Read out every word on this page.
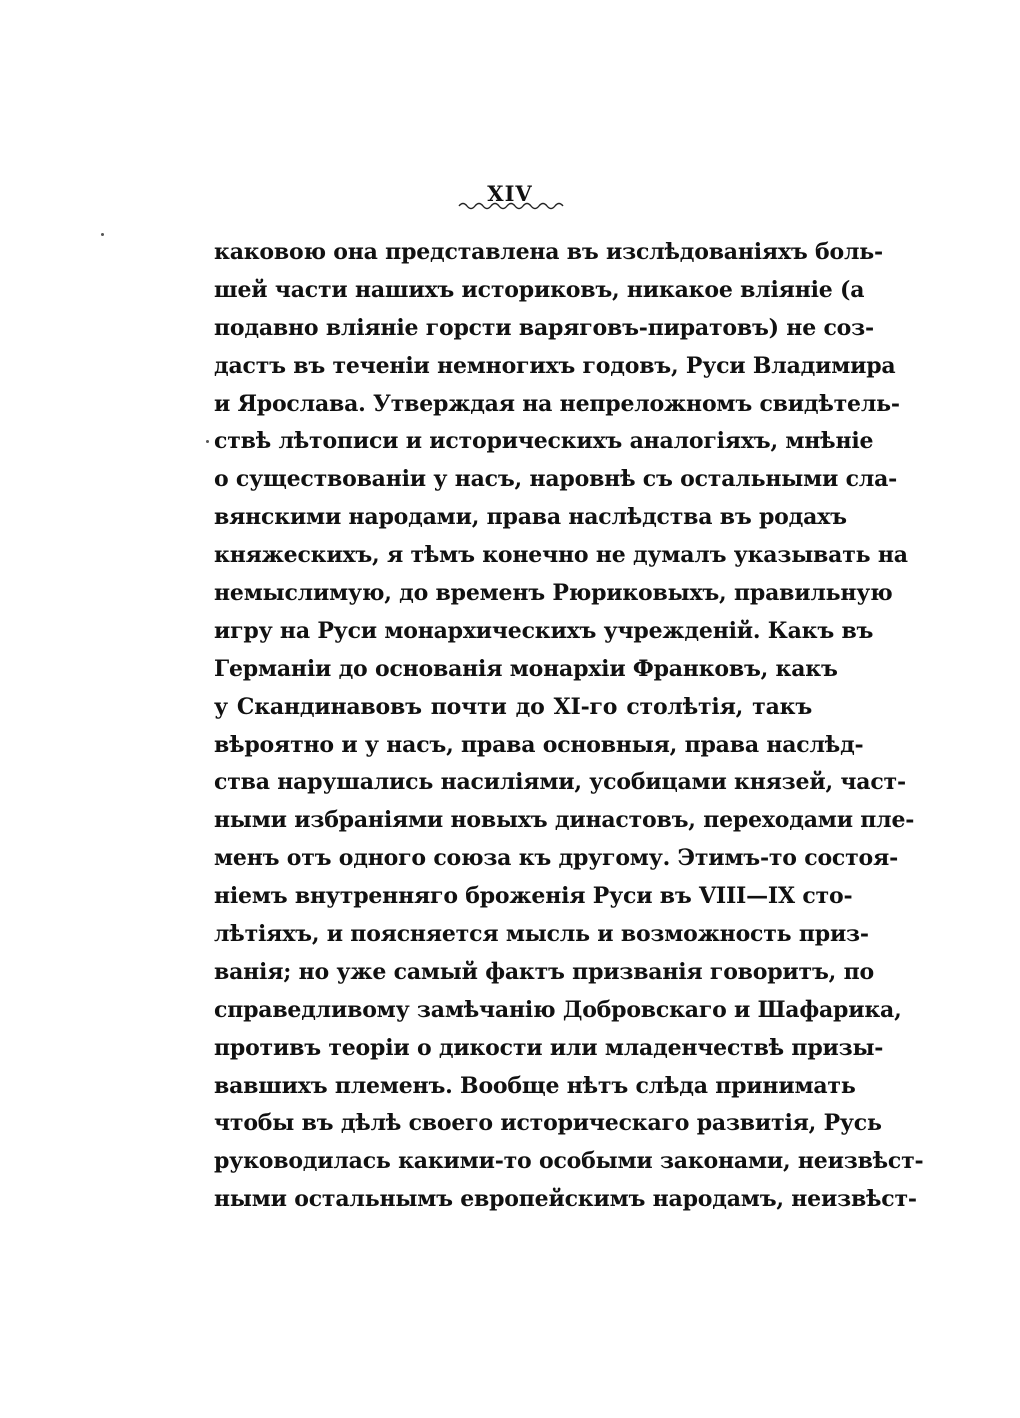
XIV
каковою она представлена въ изслѣдованіяхъ боль-
шей части нашихъ историковъ, никакое вліяніе (а
подавно вліяніе горсти варяговъ-пиратовъ) не соз-
дастъ въ теченіи немногихъ годовъ, Руси Владимира
и Ярослава. Утверждая на непреложномъ свидѣтель-
ствѣ лѣтописи и историческихъ аналогіяхъ, мнѣніе
о существованіи у насъ, наровнѣ съ остальными сла-
вянскими народами, права наслѣдства въ родахъ
княжескихъ, я тѣмъ конечно не думалъ указывать на
немыслимую, до временъ Рюриковыхъ, правильную
игру на Руси монархическихъ учрежденій. Какъ въ
Германіи до основанія монархіи Франковъ, какъ
у Скандинавовъ почти до XI-го столѣтія, такъ
вѣроятно и у насъ, права основныя, права наслѣд-
ства нарушались насиліями, усобицами князей, част-
ными избраніями новыхъ династовъ, переходами пле-
менъ отъ одного союза къ другому. Этимъ-то состоя-
ніемъ внутренняго броженія Руси въ VIII—IX сто-
лѣтіяхъ, и поясняется мысль и возможность приз-
ванія; но уже самый фактъ призванія говоритъ, по
справедливому замѣчанію Добровскаго и Шафарика,
противъ теоріи о дикости или младенчествѣ призы-
вавшихъ племенъ. Вообще нѣтъ слѣда принимать
чтобы въ дѣлѣ своего историческаго развитія, Русь
руководилась какими-то особыми законами, неизвѣст-
ными остальнымъ европейскимъ народамъ, неизвѣст-
